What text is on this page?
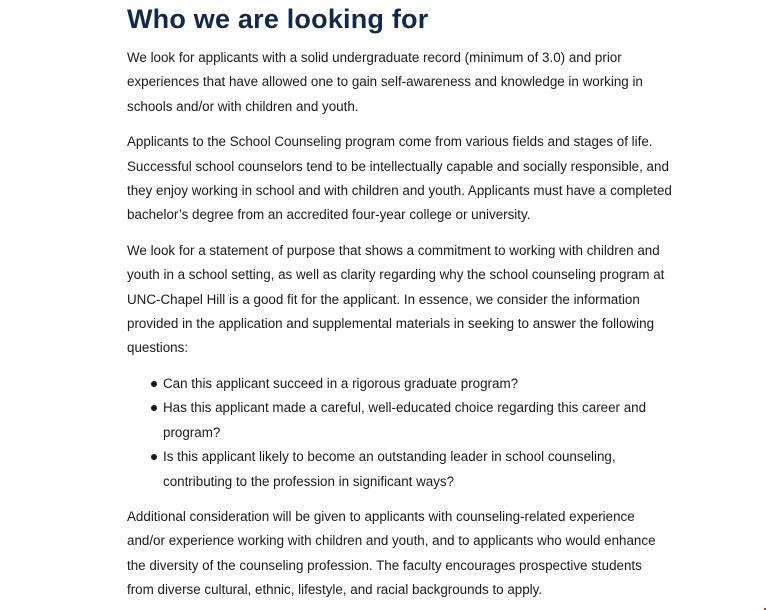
Who we are looking for

We look for applicants with a solid undergraduate record (minimum of 3.0) and prior experiences that have allowed one to gain self-awareness and knowledge in working in schools and/or with children and youth.

Applicants to the School Counseling program come from various fields and stages of life. Successful school counselors tend to be intellectually capable and socially responsible, and they enjoy working in school and with children and youth. Applicants must have a completed bachelor’s degree from an accredited four-year college or university.

We look for a statement of purpose that shows a commitment to working with children and youth in a school setting, as well as clarity regarding why the school counseling program at UNC-Chapel Hill is a good fit for the applicant. In essence, we consider the information provided in the application and supplemental materials in seeking to answer the following questions:

Can this applicant succeed in a rigorous graduate program?
Has this applicant made a careful, well-educated choice regarding this career and program?
Is this applicant likely to become an outstanding leader in school counseling, contributing to the profession in significant ways?

Additional consideration will be given to applicants with counseling-related experience and/or experience working with children and youth, and to applicants who would enhance the diversity of the counseling profession. The faculty encourages prospective students from diverse cultural, ethnic, lifestyle, and racial backgrounds to apply.
